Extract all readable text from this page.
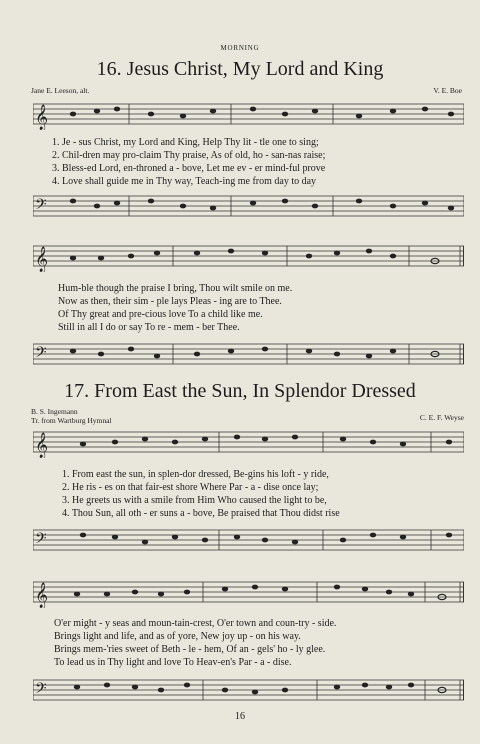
MORNING
16. Jesus Christ, My Lord and King
Jane E. Leeson, alt.	V. E. Boe
𝄞
1. Je - sus Christ, my Lord and King, Help Thy lit - tle one to sing;
2. Chil-dren may pro-claim Thy praise, As of old, ho - san-nas raise;
3. Bless-ed Lord, en-throned a - bove, Let me ev - er mind-ful prove
4. Love shall guide me in Thy way, Teach-ing me from day to day
𝄢
𝄞
Hum-ble though the praise I bring, Thou wilt smile on me.
Now as then, their sim - ple lays Pleas - ing are to Thee.
Of Thy great and pre-cious love To a child like me.
Still in all I do or say To re - mem - ber Thee.
𝄢
17. From East the Sun, In Splendor Dressed
B. S. Ingemann
Tr. from Wartburg Hymnal	C. E. F. Weyse
𝄞
1. From east the sun, in splen-dor dressed, Be-gins his loft - y ride,
2. He ris - es on that fair-est shore Where Par - a - dise once lay;
3. He greets us with a smile from Him Who caused the light to be,
4. Thou Sun, all oth - er suns a - bove, Be praised that Thou didst rise
𝄢
𝄞
O'er might - y seas and moun-tain-crest, O'er town and coun-try - side.
Brings light and life, and as of yore, New joy up - on his way.
Brings mem-'ries sweet of Beth - le - hem, Of an - gels' ho - ly glee.
To lead us in Thy light and love To Heav-en's Par - a - dise.
𝄢
16
